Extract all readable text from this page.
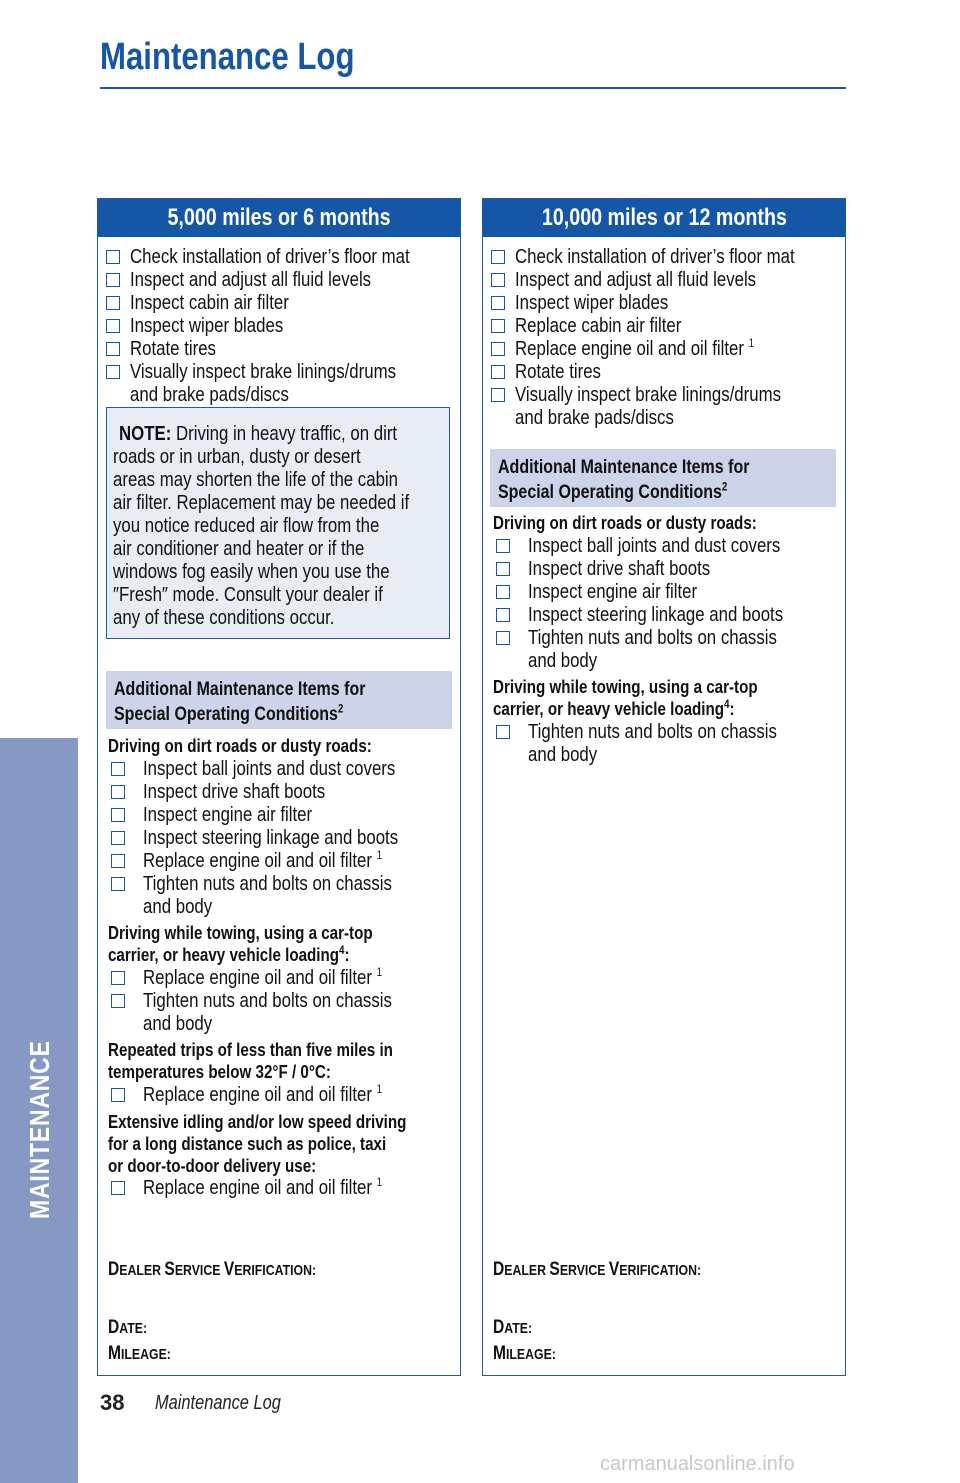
Maintenance Log
MAINTENANCE
5,000 miles or 6 months
Check installation of driver’s floor mat
Inspect and adjust all fluid levels
Inspect cabin air filter
Inspect wiper blades
Rotate tires
Visually inspect brake linings/drums
and brake pads/discs
NOTE: Driving in heavy traffic, on dirt
roads or in urban, dusty or desert
areas may shorten the life of the cabin
air filter. Replacement may be needed if
you notice reduced air flow from the
air conditioner and heater or if the
windows fog easily when you use the
″Fresh″ mode. Consult your dealer if
any of these conditions occur.
Additional Maintenance Items for
Special Operating Conditions$^2$
Driving on dirt roads or dusty roads:
Inspect ball joints and dust covers
Inspect drive shaft boots
Inspect engine air filter
Inspect steering linkage and boots
Replace engine oil and oil filter $^1$
Tighten nuts and bolts on chassis
and body
Driving while towing, using a car-top
carrier, or heavy vehicle loading$^4$:
Replace engine oil and oil filter $^1$
Tighten nuts and bolts on chassis
and body
Repeated trips of less than five miles in
temperatures below 32°F / 0°C:
Replace engine oil and oil filter $^1$
Extensive idling and/or low speed driving
for a long distance such as police, taxi
or door-to-door delivery use:
Replace engine oil and oil filter $^1$
DEALER SERVICE VERIFICATION:
DATE:
MILEAGE:
10,000 miles or 12 months
Check installation of driver’s floor mat
Inspect and adjust all fluid levels
Inspect wiper blades
Replace cabin air filter
Replace engine oil and oil filter $^1$
Rotate tires
Visually inspect brake linings/drums
and brake pads/discs
Additional Maintenance Items for
Special Operating Conditions$^2$
Driving on dirt roads or dusty roads:
Inspect ball joints and dust covers
Inspect drive shaft boots
Inspect engine air filter
Inspect steering linkage and boots
Tighten nuts and bolts on chassis
and body
Driving while towing, using a car-top
carrier, or heavy vehicle loading$^4$:
Tighten nuts and bolts on chassis
and body
DEALER SERVICE VERIFICATION:
DATE:
MILEAGE:
38 Maintenance Log
carmanualsonline.info
